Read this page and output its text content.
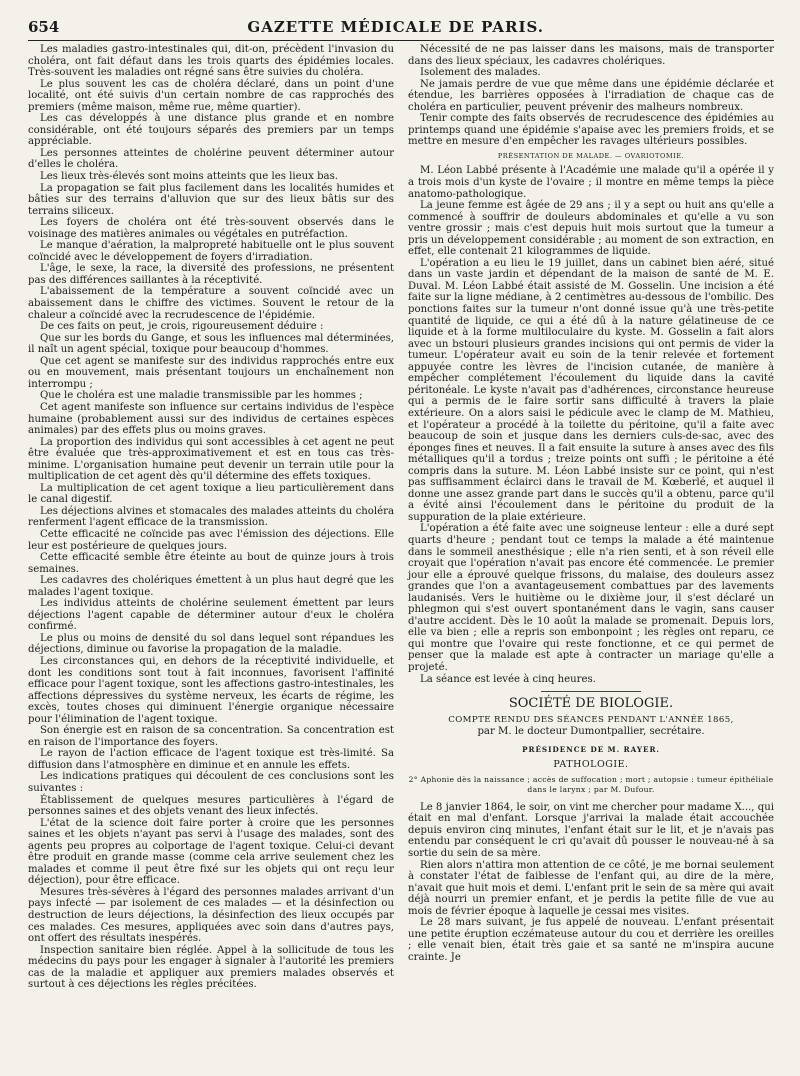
654	GAZETTE MÉDICALE DE PARIS.

Les maladies gastro-intestinales qui, dit-on, précèdent l'invasion du choléra, ont fait défaut dans les trois quarts des épidémies locales. Très-souvent les maladies ont régné sans être suivies du choléra.

Le plus souvent les cas de choléra déclaré, dans un point d'une localité, ont été suivis d'un certain nombre de cas rapprochés des premiers (même maison, même rue, même quartier).

Les cas développés à une distance plus grande et en nombre considérable, ont été toujours séparés des premiers par un temps appréciable.

Les personnes atteintes de cholérine peuvent déterminer autour d'elles le choléra.

Les lieux très-élevés sont moins atteints que les lieux bas.

La propagation se fait plus facilement dans les localités humides et bâties sur des terrains d'alluvion que sur des lieux bâtis sur des terrains siliceux.

Les foyers de choléra ont été très-souvent observés dans le voisinage des matières animales ou végétales en putréfaction.

Le manque d'aération, la malpropreté habituelle ont le plus souvent coïncidé avec le développement de foyers d'irradiation.

L'âge, le sexe, la race, la diversité des professions, ne présentent pas des différences saillantes à la réceptivité.

L'abaissement de la température a souvent coïncidé avec un abaissement dans le chiffre des victimes. Souvent le retour de la chaleur a coïncidé avec la recrudescence de l'épidémie.

De ces faits on peut, je crois, rigoureusement déduire :

Que sur les bords du Gange, et sous les influences mal déterminées, il naît un agent spécial, toxique pour beaucoup d'hommes.

Que cet agent se manifeste sur des individus rapprochés entre eux ou en mouvement, mais présentant toujours un enchaînement non interrompu ;

Que le choléra est une maladie transmissible par les hommes ;

Cet agent manifeste son influence sur certains individus de l'espèce humaine (probablement aussi sur des individus de certaines espèces animales) par des effets plus ou moins graves.

La proportion des individus qui sont accessibles à cet agent ne peut être évaluée que très-approximativement et est en tous cas très-minime. L'organisation humaine peut devenir un terrain utile pour la multiplication de cet agent dès qu'il détermine des effets toxiques.

La multiplication de cet agent toxique a lieu particulièrement dans le canal digestif.

Les déjections alvines et stomacales des malades atteints du choléra renferment l'agent efficace de la transmission.

Cette efficacité ne coïncide pas avec l'émission des déjections. Elle leur est postérieure de quelques jours.

Cette efficacité semble être éteinte au bout de quinze jours à trois semaines.

Les cadavres des cholériques émettent à un plus haut degré que les malades l'agent toxique.

Les individus atteints de cholérine seulement émettent par leurs déjections l'agent capable de déterminer autour d'eux le choléra confirmé.

Le plus ou moins de densité du sol dans lequel sont répandues les déjections, diminue ou favorise la propagation de la maladie.

Les circonstances qui, en dehors de la réceptivité individuelle, et dont les conditions sont tout à fait inconnues, favorisent l'affinité efficace pour l'agent toxique, sont les affections gastro-intestinales, les affections dépressives du système nerveux, les écarts de régime, les excès, toutes choses qui diminuent l'énergie organique nécessaire pour l'élimination de l'agent toxique.

Son énergie est en raison de sa concentration. Sa concentration est en raison de l'importance des foyers.

Le rayon de l'action efficace de l'agent toxique est très-limité. Sa diffusion dans l'atmosphère en diminue et en annule les effets.

Les indications pratiques qui découlent de ces conclusions sont les suivantes :

Établissement de quelques mesures particulières à l'égard de personnes saines et des objets venant des lieux infectés.

L'état de la science doit faire porter à croire que les personnes saines et les objets n'ayant pas servi à l'usage des malades, sont des agents peu propres au colportage de l'agent toxique. Celui-ci devant être produit en grande masse (comme cela arrive seulement chez les malades et comme il peut être fixé sur les objets qui ont reçu leur déjection), pour être efficace.

Mesures très-sévères à l'égard des personnes malades arrivant d'un pays infecté — par isolement de ces malades — et la désinfection ou destruction de leurs déjections, la désinfection des lieux occupés par ces malades. Ces mesures, appliquées avec soin dans d'autres pays, ont offert des résultats inespérés.

Inspection sanitaire bien réglée. Appel à la sollicitude de tous les médecins du pays pour les engager à signaler à l'autorité les premiers cas de la maladie et appliquer aux premiers malades observés et surtout à ces déjections les règles précitées.

Nécessité de ne pas laisser dans les maisons, mais de transporter dans des lieux spéciaux, les cadavres cholériques.

Isolement des malades.

Ne jamais perdre de vue que même dans une épidémie déclarée et étendue, les barrières opposées à l'irradiation de chaque cas de choléra en particulier, peuvent prévenir des malheurs nombreux.

Tenir compte des faits observés de recrudescence des épidémies au printemps quand une épidémie s'apaise avec les premiers froids, et se mettre en mesure d'en empêcher les ravages ultérieurs possibles.

PRÉSENTATION DE MALADE. — OVARIOTOMIE.

M. Léon Labbé présente à l'Académie une malade qu'il a opérée il y a trois mois d'un kyste de l'ovaire ; il montre en même temps la pièce anatomo-pathologique.

La jeune femme est âgée de 29 ans ; il y a sept ou huit ans qu'elle a commencé à souffrir de douleurs abdominales et qu'elle a vu son ventre grossir ; mais c'est depuis huit mois surtout que la tumeur a pris un développement considérable ; au moment de son extraction, en effet, elle contenait 21 kilogrammes de liquide.

L'opération a eu lieu le 19 juillet, dans un cabinet bien aéré, situé dans un vaste jardin et dépendant de la maison de santé de M. E. Duval. M. Léon Labbé était assisté de M. Gosselin. Une incision a été faite sur la ligne médiane, à 2 centimètres au-dessous de l'ombilic. Des ponctions faites sur la tumeur n'ont donné issue qu'à une très-petite quantité de liquide, ce qui a été dû à la nature gélatineuse de ce liquide et à la forme multiloculaire du kyste. M. Gosselin a fait alors avec un bstouri plusieurs grandes incisions qui ont permis de vider la tumeur. L'opérateur avait eu soin de la tenir relevée et fortement appuyée contre les lèvres de l'incision cutanée, de manière à empêcher complétement l'écoulement du liquide dans la cavité péritonéale. Le kyste n'avait pas d'adhérences, circonstance heureuse qui a permis de le faire sortir sans difficulté à travers la plaie extérieure. On a alors saisi le pédicule avec le clamp de M. Mathieu, et l'opérateur a procédé à la toilette du péritoine, qu'il a faite avec beaucoup de soin et jusque dans les derniers culs-de-sac, avec des éponges fines et neuves. Il a fait ensuite la suture à anses avec des fils métalliques qu'il a tordus ; treize points ont suffi ; le péritoine a été compris dans la suture. M. Léon Labbé insiste sur ce point, qui n'est pas suffisamment éclairci dans le travail de M. Kœberlé, et auquel il donne une assez grande part dans le succès qu'il a obtenu, parce qu'il a évité ainsi l'écoulement dans le péritoine du produit de la suppuration de la plaie extérieure.

L'opération a été faite avec une soigneuse lenteur : elle a duré sept quarts d'heure ; pendant tout ce temps la malade a été maintenue dans le sommeil anesthésique ; elle n'a rien senti, et à son réveil elle croyait que l'opération n'avait pas encore été commencée. Le premier jour elle a éprouvé quelque frissons, du malaise, des douleurs assez grandes que l'on a avantageusement combattues par des lavements laudanisés. Vers le huitième ou le dixième jour, il s'est déclaré un phlegmon qui s'est ouvert spontanément dans le vagin, sans causer d'autre accident. Dès le 10 août la malade se promenait. Depuis lors, elle va bien ; elle a repris son embonpoint ; les règles ont reparu, ce qui montre que l'ovaire qui reste fonctionne, et ce qui permet de penser que la malade est apte à contracter un mariage qu'elle a projeté.

La séance est levée à cinq heures.

SOCIÉTÉ DE BIOLOGIE.
COMPTE RENDU DES SÉANCES PENDANT L'ANNÉE 1865,
par M. le docteur Dumontpallier, secrétaire.
PRÉSIDENCE DE M. RAYER.
PATHOLOGIE.
2° Aphonie dès la naissance ; accès de suffocation ; mort ; autopsie : tumeur épithéliale dans le larynx ; par M. Dufour.

Le 8 janvier 1864, le soir, on vint me chercher pour madame X..., qui était en mal d'enfant. Lorsque j'arrivai la malade était accouchée depuis environ cinq minutes, l'enfant était sur le lit, et je n'avais pas entendu par conséquent le cri qu'avait dû pousser le nouveau-né à sa sortie du sein de sa mère.

Rien alors n'attira mon attention de ce côté, je me bornai seulement à constater l'état de faiblesse de l'enfant qui, au dire de la mère, n'avait que huit mois et demi. L'enfant prit le sein de sa mère qui avait déjà nourri un premier enfant, et je perdis la petite fille de vue au mois de février époque à laquelle je cessai mes visites.

Le 28 mars suivant, je fus appelé de nouveau. L'enfant présentait une petite éruption eczémateuse autour du cou et derrière les oreilles ; elle venait bien, était très gaie et sa santé ne m'inspira aucune crainte. Je
